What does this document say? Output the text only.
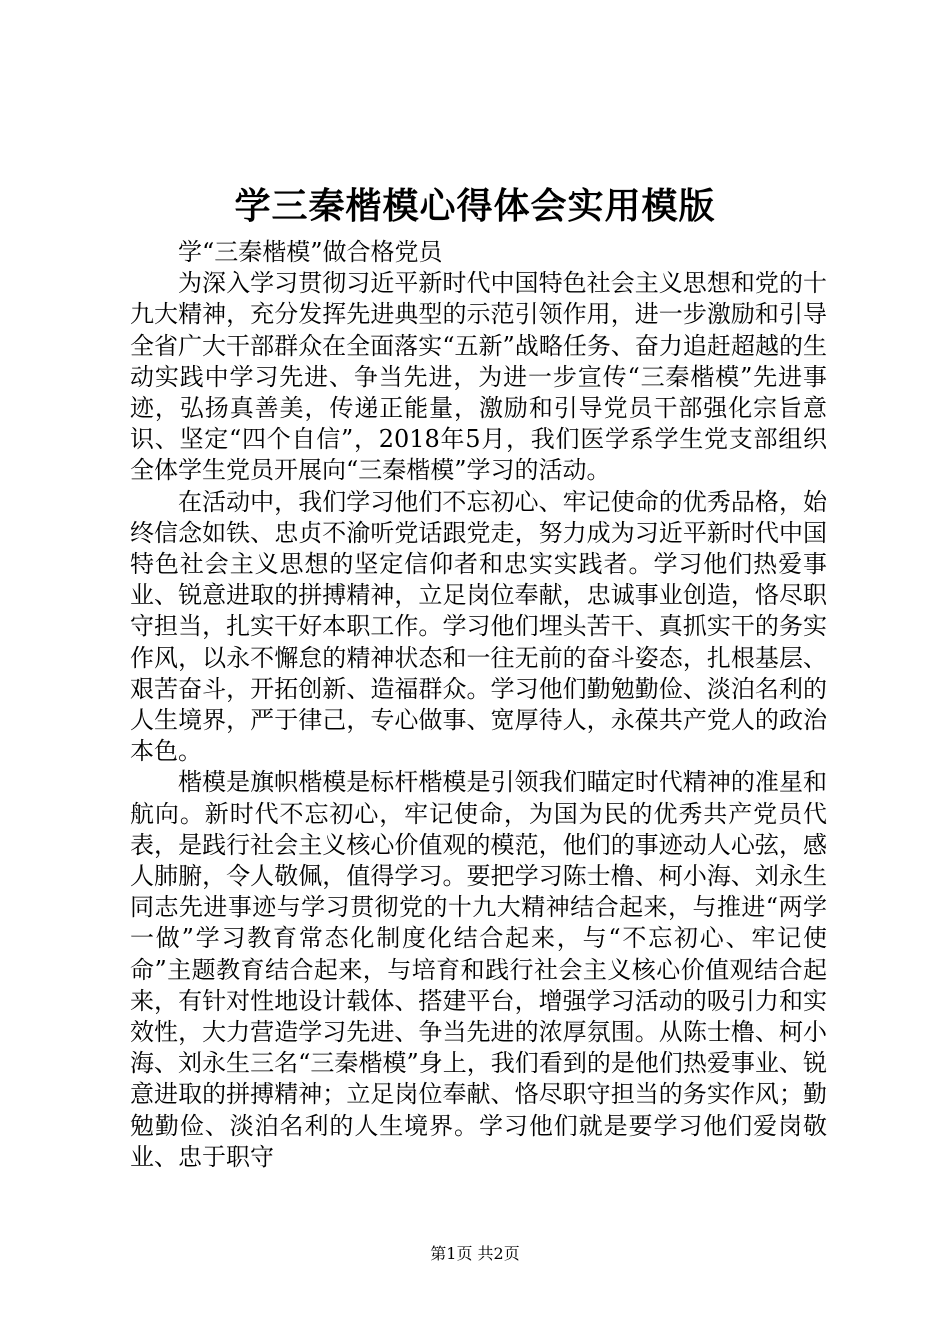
学三秦楷模心得体会实用模版

学“三秦楷模”做合格党员

为深入学习贯彻习近平新时代中国特色社会主义思想和党的十九大精神，充分发挥先进典型的示范引领作用，进一步激励和引导全省广大干部群众在全面落实“五新”战略任务、奋力追赶超越的生动实践中学习先进、争当先进，为进一步宣传“三秦楷模”先进事迹，弘扬真善美，传递正能量，激励和引导党员干部强化宗旨意识、坚定“四个自信”，2018年5月，我们医学系学生党支部组织全体学生党员开展向“三秦楷模”学习的活动。

在活动中，我们学习他们不忘初心、牢记使命的优秀品格，始终信念如铁、忠贞不渝听党话跟党走，努力成为习近平新时代中国特色社会主义思想的坚定信仰者和忠实实践者。学习他们热爱事业、锐意进取的拼搏精神，立足岗位奉献，忠诚事业创造，恪尽职守担当，扎实干好本职工作。学习他们埋头苦干、真抓实干的务实作风，以永不懈怠的精神状态和一往无前的奋斗姿态，扎根基层、艰苦奋斗，开拓创新、造福群众。学习他们勤勉勤俭、淡泊名利的人生境界，严于律己，专心做事、宽厚待人，永葆共产党人的政治本色。

楷模是旗帜楷模是标杆楷模是引领我们瞄定时代精神的准星和航向。新时代不忘初心，牢记使命，为国为民的优秀共产党员代表，是践行社会主义核心价值观的模范，他们的事迹动人心弦，感人肺腑，令人敬佩，值得学习。要把学习陈士橹、柯小海、刘永生同志先进事迹与学习贯彻党的十九大精神结合起来，与推进“两学一做”学习教育常态化制度化结合起来，与“不忘初心、牢记使命”主题教育结合起来，与培育和践行社会主义核心价值观结合起来，有针对性地设计载体、搭建平台，增强学习活动的吸引力和实效性，大力营造学习先进、争当先进的浓厚氛围。从陈士橹、柯小海、刘永生三名“三秦楷模”身上，我们看到的是他们热爱事业、锐意进取的拼搏精神；立足岗位奉献、恪尽职守担当的务实作风；勤勉勤俭、淡泊名利的人生境界。学习他们就是要学习他们爱岗敬业、忠于职守

第1页 共2页
